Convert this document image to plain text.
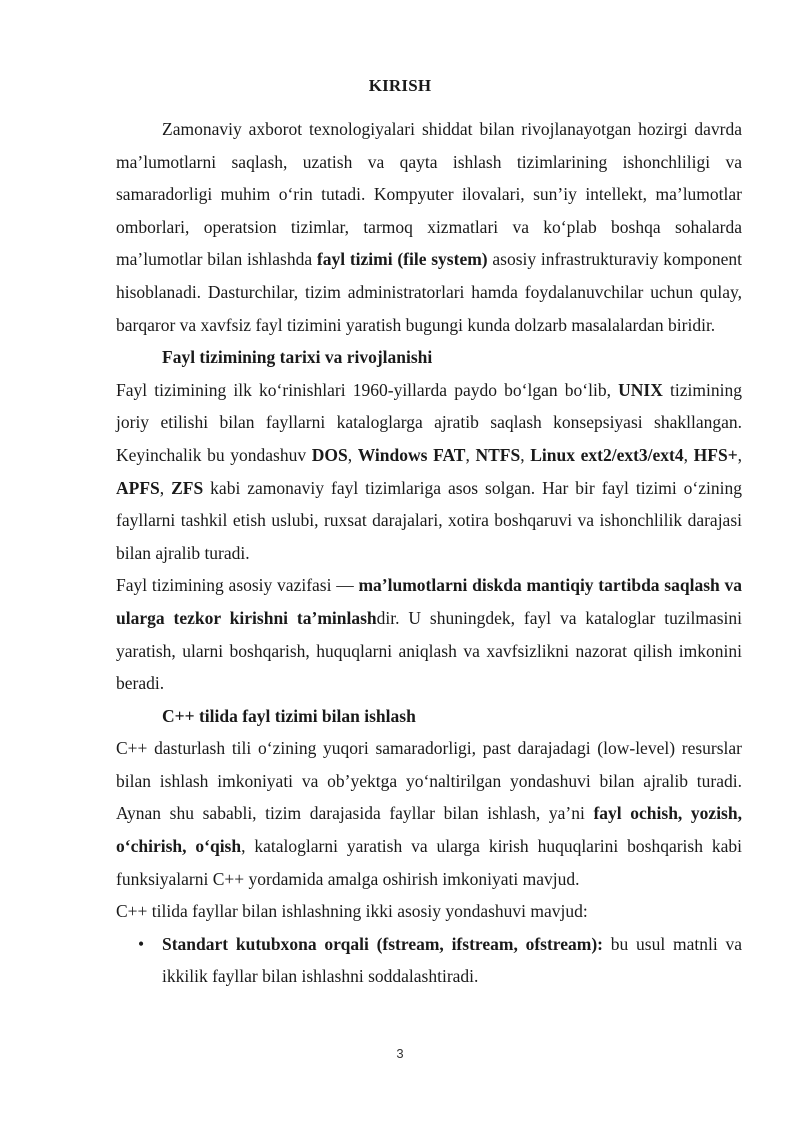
KIRISH

Zamonaviy axborot texnologiyalari shiddat bilan rivojlanayotgan hozirgi davrda ma’lumotlarni saqlash, uzatish va qayta ishlash tizimlarining ishonchliligi va samaradorligi muhim o‘rin tutadi. Kompyuter ilovalari, sun’iy intellekt, ma’lumotlar omborlari, operatsion tizimlar, tarmoq xizmatlari va ko‘plab boshqa sohalarda ma’lumotlar bilan ishlashda fayl tizimi (file system) asosiy infrastrukturaviy komponent hisoblanadi. Dasturchilar, tizim administratorlari hamda foydalanuvchilar uchun qulay, barqaror va xavfsiz fayl tizimini yaratish bugungi kunda dolzarb masalalardan biridir.

Fayl tizimining tarixi va rivojlanishi

Fayl tizimining ilk ko‘rinishlari 1960-yillarda paydo bo‘lgan bo‘lib, UNIX tizimining joriy etilishi bilan fayllarni kataloglarga ajratib saqlash konsepsiyasi shakllangan. Keyinchalik bu yondashuv DOS, Windows FAT, NTFS, Linux ext2/ext3/ext4, HFS+, APFS, ZFS kabi zamonaviy fayl tizimlariga asos solgan. Har bir fayl tizimi o‘zining fayllarni tashkil etish uslubi, ruxsat darajalari, xotira boshqaruvi va ishonchlilik darajasi bilan ajralib turadi.

Fayl tizimining asosiy vazifasi — ma’lumotlarni diskda mantiqiy tartibda saqlash va ularga tezkor kirishni ta’minlashdir. U shuningdek, fayl va kataloglar tuzilmasini yaratish, ularni boshqarish, huquqlarni aniqlash va xavfsizlikni nazorat qilish imkonini beradi.

C++ tilida fayl tizimi bilan ishlash

C++ dasturlash tili o‘zining yuqori samaradorligi, past darajadagi (low-level) resurslar bilan ishlash imkoniyati va ob’yektga yo‘naltirilgan yondashuvi bilan ajralib turadi. Aynan shu sababli, tizim darajasida fayllar bilan ishlash, ya’ni fayl ochish, yozish, o‘chirish, o‘qish, kataloglarni yaratish va ularga kirish huquqlarini boshqarish kabi funksiyalarni C++ yordamida amalga oshirish imkoniyati mavjud.

C++ tilida fayllar bilan ishlashning ikki asosiy yondashuvi mavjud:

• Standart kutubxona orqali (fstream, ifstream, ofstream): bu usul matnli va ikkilik fayllar bilan ishlashni soddalashtiradi.
3
